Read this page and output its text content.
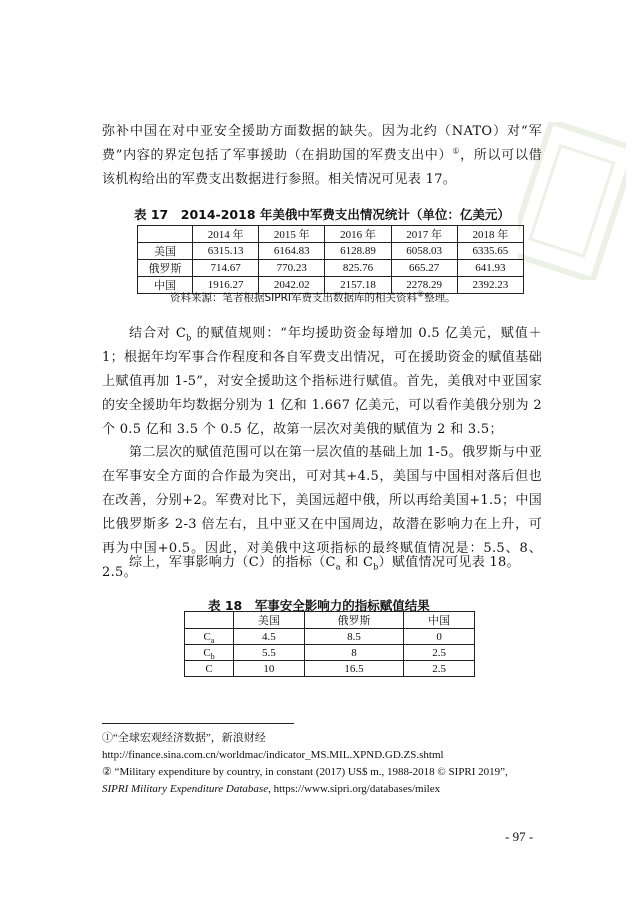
弥补中国在对中亚安全援助方面数据的缺失。因为北约（NATO）对“军费”内容的界定包括了军事援助（在捐助国的军费支出中）①，所以可以借该机构给出的军费支出数据进行参照。相关情况可见表 17。

表 17　2014-2018 年美俄中军费支出情况统计（单位：亿美元）
	2014 年	2015 年	2016 年	2017 年	2018 年
美国	6315.13	6164.83	6128.89	6058.03	6335.65
俄罗斯	714.67	770.23	825.76	665.27	641.93
中国	1916.27	2042.02	2157.18	2278.29	2392.23
资料来源：笔者根据SIPRI军费支出数据库的相关资料②整理。

结合对 $C_b$ 的赋值规则：“年均援助资金每增加 0.5 亿美元，赋值＋1；根据年均军事合作程度和各自军费支出情况，可在援助资金的赋值基础上赋值再加 1-5”，对安全援助这个指标进行赋值。首先，美俄对中亚国家的安全援助年均数据分别为 1 亿和 1.667 亿美元，可以看作美俄分别为 2 个 0.5 亿和 3.5 个 0.5 亿，故第一层次对美俄的赋值为 2 和 3.5；

第二层次的赋值范围可以在第一层次值的基础上加 1-5。俄罗斯与中亚在军事安全方面的合作最为突出，可对其+4.5，美国与中国相对落后但也在改善，分别+2。军费对比下，美国远超中俄，所以再给美国+1.5；中国比俄罗斯多 2-3 倍左右，且中亚又在中国周边，故潜在影响力在上升，可再为中国+0.5。因此，对美俄中这项指标的最终赋值情况是：5.5、8、2.5。

综上，军事影响力（C）的指标（$C_a$ 和 $C_b$）赋值情况可见表 18。

表 18　军事安全影响力的指标赋值结果
	美国	俄罗斯	中国
$C_a$	4.5	8.5	0
$C_b$	5.5	8	2.5
C	10	16.5	2.5

①“全球宏观经济数据”，新浪财经 http://finance.sina.com.cn/worldmac/indicator_MS.MIL.XPND.GD.ZS.shtml

② “Military expenditure by country, in constant (2017) US$ m., 1988-2018 © SIPRI 2019”,
SIPRI Military Expenditure Database, https://www.sipri.org/databases/milex

- 97 -
